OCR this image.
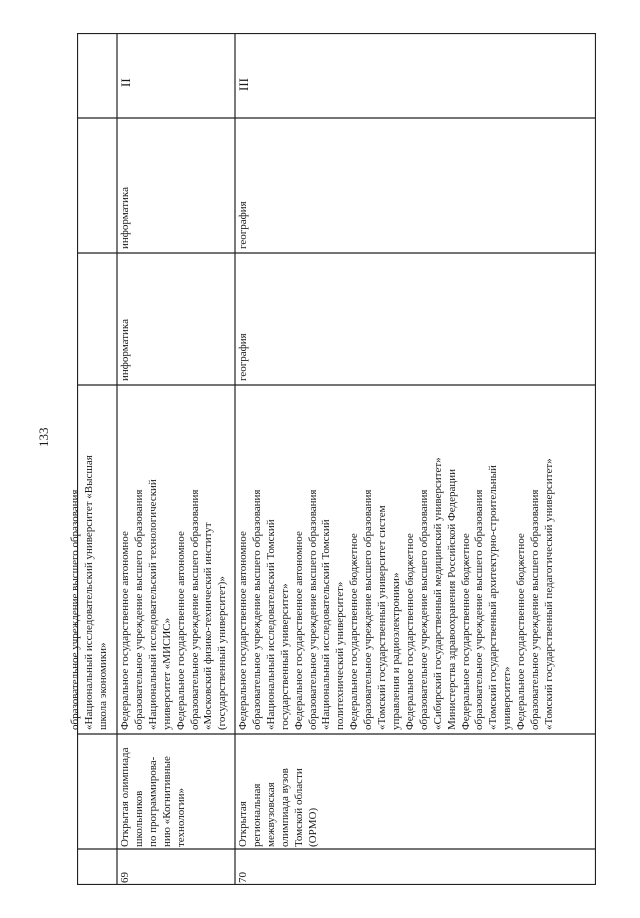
133
образовательное учреждение высшего образования
«Национальный исследовательский университет «Высшая
школа экономики»
69
Открытая олимпиада
школьников
по программирова-
нию «Когнитивные
технологии»
Федеральное государственное автономное
образовательное учреждение высшего образования
«Национальный исследовательский технологический
университет «МИСИС»
Федеральное государственное автономное
образовательное учреждение высшего образования
«Московский физико-технический институт
(государственный университет)»
информатика
информатика
II
70
Открытая
региональная
межвузовская
олимпиада вузов
Томской области
(ОРМО)
Федеральное государственное автономное
образовательное учреждение высшего образования
«Национальный исследовательский Томский
государственный университет»
Федеральное государственное автономное
образовательное учреждение высшего образования
«Национальный исследовательский Томский
политехнический университет»
Федеральное государственное бюджетное
образовательное учреждение высшего образования
«Томский государственный университет систем
управления и радиоэлектроники»
Федеральное государственное бюджетное
образовательное учреждение высшего образования
«Сибирский государственный медицинский университет»
Министерства здравоохранения Российской Федерации
Федеральное государственное бюджетное
образовательное учреждение высшего образования
«Томский государственный архитектурно-строительный
университет»
Федеральное государственное бюджетное
образовательное учреждение высшего образования
«Томский государственный педагогический университет»
география
география
III
